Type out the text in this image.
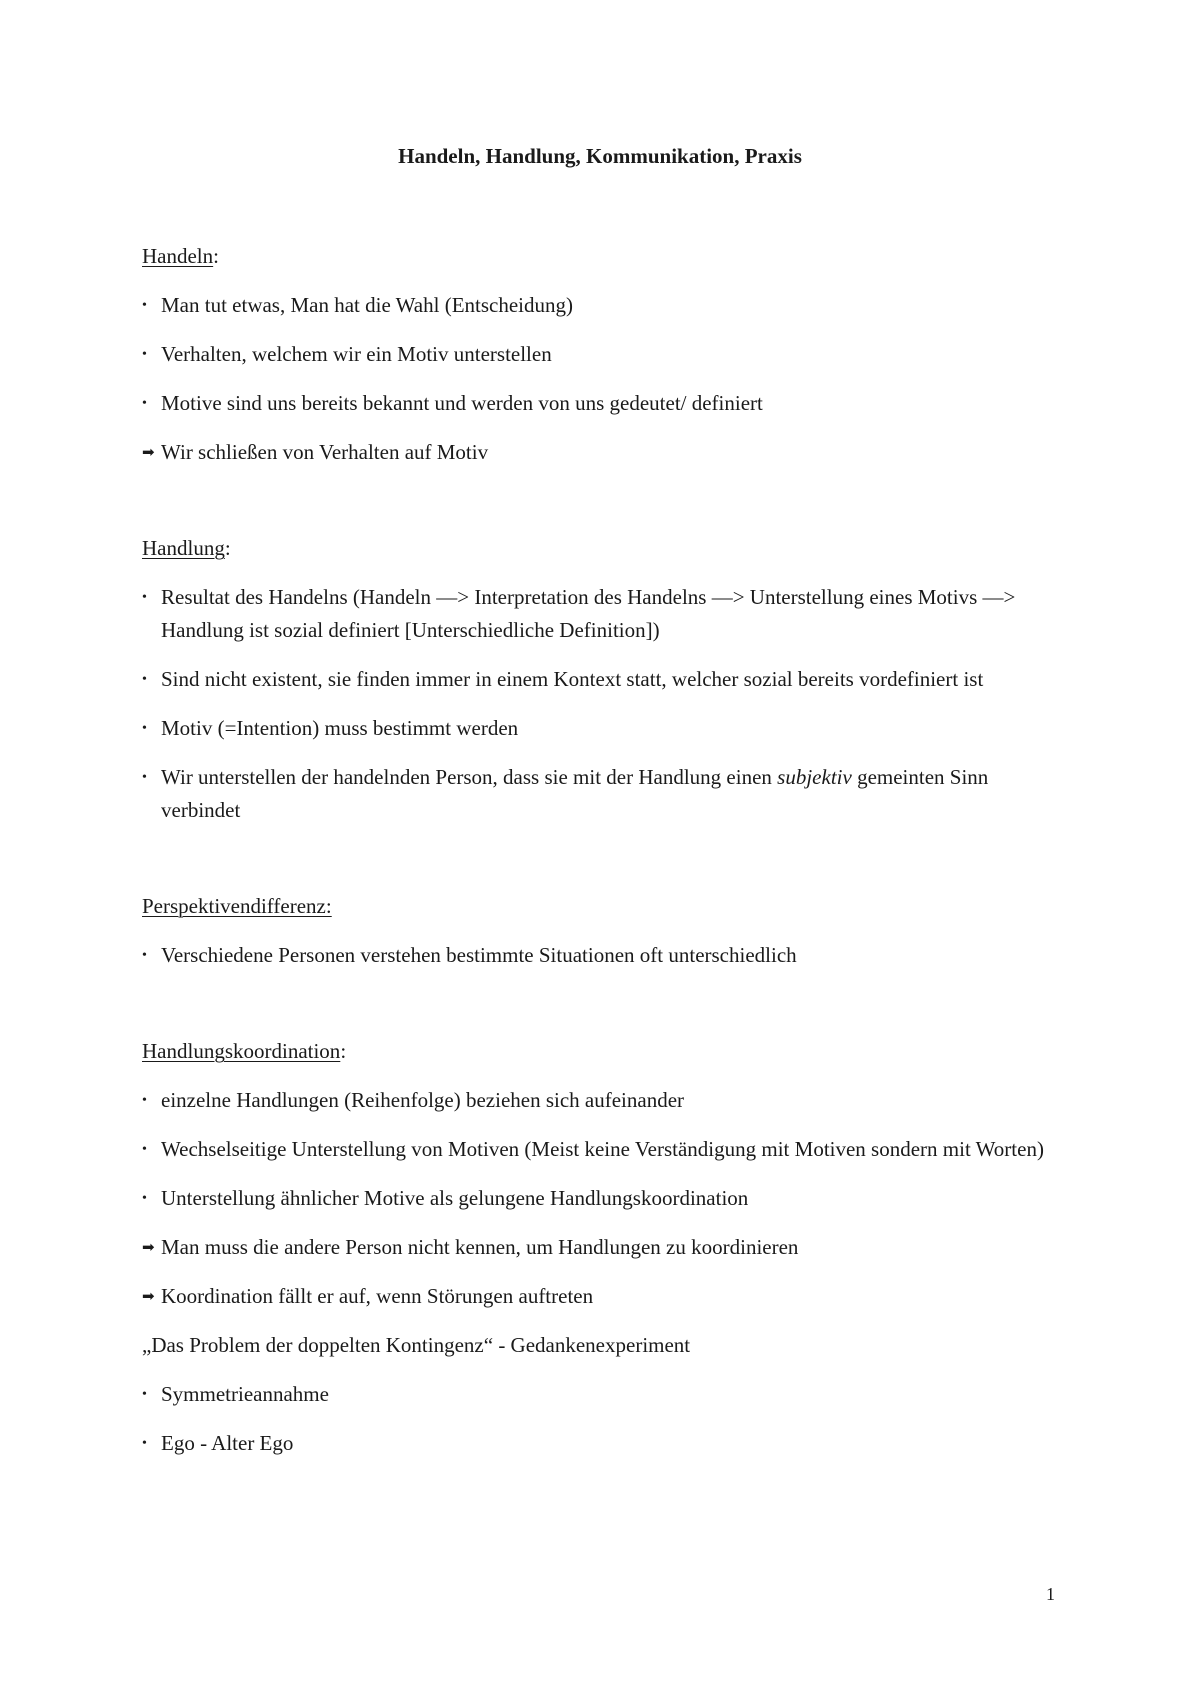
Handeln, Handlung, Kommunikation, Praxis
Handeln:
• Man tut etwas, Man hat die Wahl (Entscheidung)
• Verhalten, welchem wir ein Motiv unterstellen
• Motive sind uns bereits bekannt und werden von uns gedeutet/ definiert
➡ Wir schließen von Verhalten auf Motiv
Handlung:
• Resultat des Handelns (Handeln —> Interpretation des Handelns —> Unterstellung eines Motivs —> Handlung ist sozial definiert [Unterschiedliche Definition])
• Sind nicht existent, sie finden immer in einem Kontext statt, welcher sozial bereits vordefiniert ist
• Motiv (=Intention) muss bestimmt werden
• Wir unterstellen der handelnden Person, dass sie mit der Handlung einen subjektiv gemeinten Sinn verbindet
Perspektivendifferenz:
• Verschiedene Personen verstehen bestimmte Situationen oft unterschiedlich
Handlungskoordination:
• einzelne Handlungen (Reihenfolge) beziehen sich aufeinander
• Wechselseitige Unterstellung von Motiven (Meist keine Verständigung mit Motiven sondern mit Worten)
• Unterstellung ähnlicher Motive als gelungene Handlungskoordination
➡ Man muss die andere Person nicht kennen, um Handlungen zu koordinieren
➡ Koordination fällt er auf, wenn Störungen auftreten
„Das Problem der doppelten Kontingenz“ - Gedankenexperiment
• Symmetrieannahme
• Ego - Alter Ego
1
